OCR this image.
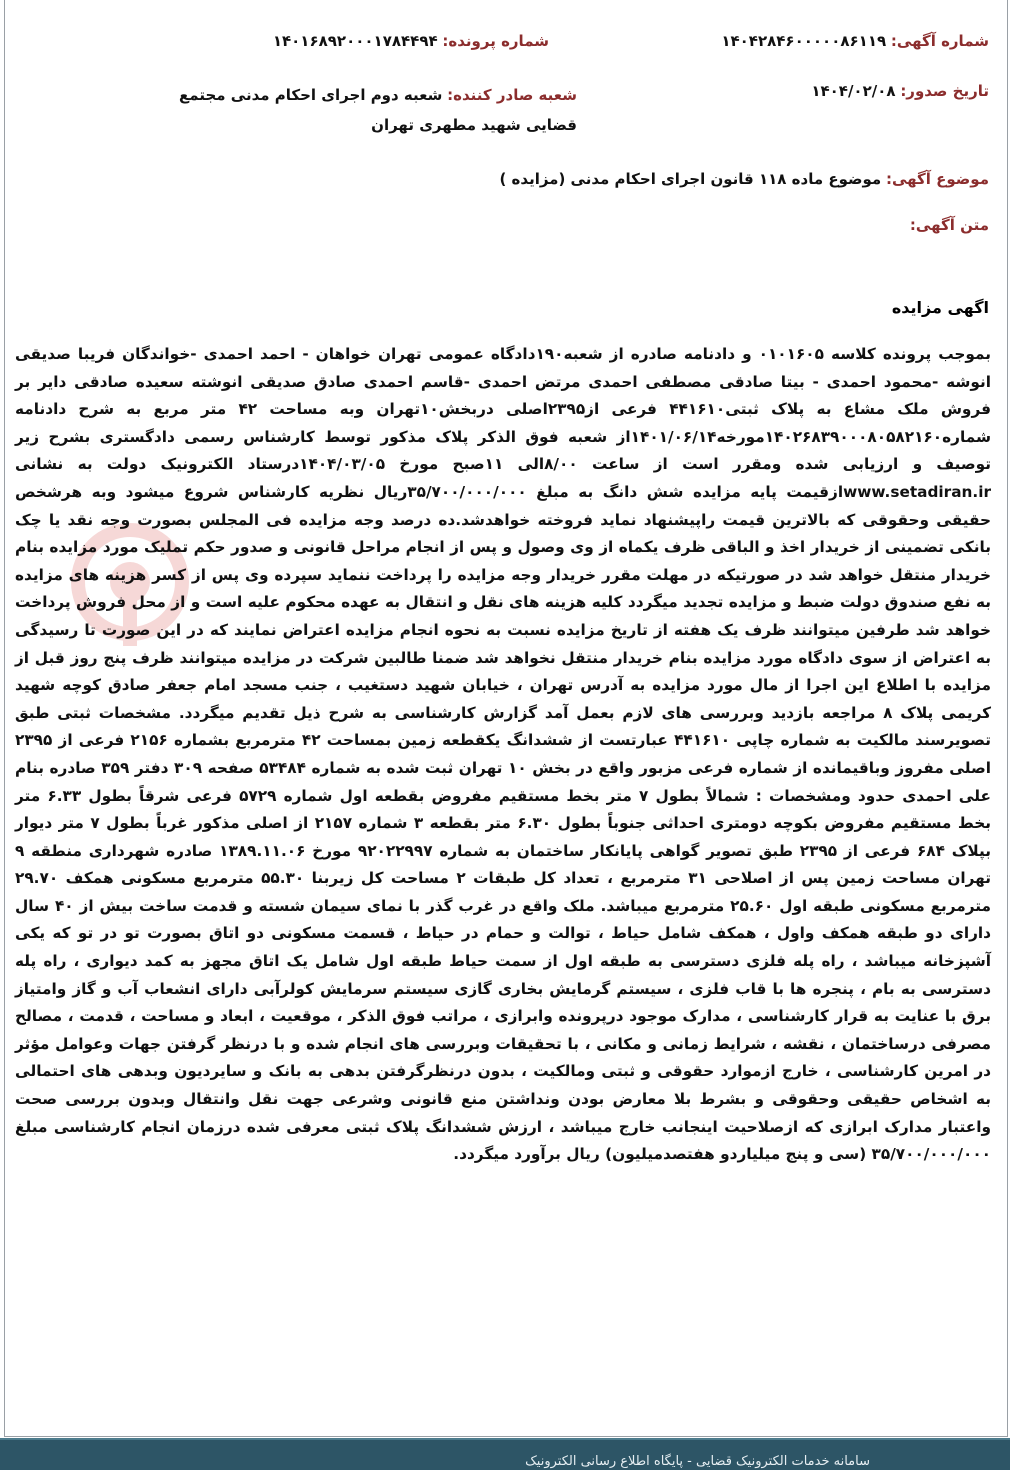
شماره آگهی: ۱۴۰۴۲۸۴۶۰۰۰۰۰۸۶۱۱۹
شماره پرونده: ۱۴۰۱۶۸۹۲۰۰۰۱۷۸۴۴۹۴
تاریخ صدور: ۱۴۰۴/۰۲/۰۸
شعبه صادر کننده: شعبه دوم اجرای احکام مدنی مجتمع قضایی شهید مطهری تهران
موضوع آگهی: موضوع ماده ۱۱۸ قانون اجرای احکام مدنی (مزایده )
متن آگهی:
اگهی مزایده
بموجب پرونده کلاسه ۰۱۰۱۶۰۵ و دادنامه صادره از شعبه۱۹۰دادگاه عمومی تهران خواهان - احمد احمدی -خواندگان فریبا صدیقی انوشه -محمود احمدی - بیتا صادقی مصطفی احمدی مرتض احمدی -قاسم احمدی صادق صدیقی انوشته سعیده صادقی دایر بر فروش ملک مشاع به پلاک ثبتی۴۴۱۶۱۰ فرعی از۲۳۹۵اصلی دربخش۱۰تهران وبه مساحت ۴۲ متر مربع به شرح دادنامه شماره۱۴۰۲۶۸۳۹۰۰۰۸۰۵۸۲۱۶۰مورخه۱۴۰۱/۰۶/۱۴از شعبه فوق الذکر پلاک مذکور توسط کارشناس رسمی دادگستری بشرح زیر توصیف و ارزیابی شده ومقرر است از ساعت ۸/۰۰الی ۱۱صبح مورخ ۱۴۰۴/۰۳/۰۵درستاد الکترونیک دولت به نشانی www.setadiran.irازقیمت پایه مزایده شش دانگ به مبلغ ۳۵/۷۰۰/۰۰۰/۰۰۰ریال نظریه کارشناس شروع میشود وبه هرشخص حقیقی وحقوقی که بالاترین قیمت راپیشنهاد نماید فروخته خواهدشد.ده درصد وجه مزایده فی المجلس بصورت وجه نقد یا چک بانکی تضمینی از خریدار اخذ و الباقی ظرف یکماه از وی وصول و پس از انجام مراحل قانونی و صدور حکم تملیک مورد مزایده بنام خریدار منتقل خواهد شد در صورتیکه در مهلت مقرر خریدار وجه مزایده را پرداخت ننماید سپرده وی پس از کسر هزینه های مزایده به نفع صندوق دولت ضبط و مزایده تجدید میگردد کلیه هزینه های نقل و انتقال به عهده محکوم علیه است و از محل فروش پرداخت خواهد شد طرفین میتوانند ظرف یک هفته از تاریخ مزایده نسبت به نحوه انجام مزایده اعتراض نمایند که در این صورت تا رسیدگی به اعتراض از سوی دادگاه مورد مزایده بنام خریدار منتقل نخواهد شد ضمنا طالبین شرکت در مزایده میتوانند ظرف پنج روز قبل از مزایده با اطلاع این اجرا از مال مورد مزایده به آدرس تهران ، خیابان شهید دستغیب ، جنب مسجد امام جعفر صادق کوچه شهید کریمی پلاک ۸ مراجعه بازدید وبررسی های لازم بعمل آمد گزارش کارشناسی به شرح ذیل تقدیم میگردد. مشخصات ثبتی طبق تصویرسند مالکیت به شماره چاپی ۴۴۱۶۱۰ عبارتست از ششدانگ یکقطعه زمین بمساحت ۴۲ مترمربع بشماره ۲۱۵۶ فرعی از ۲۳۹۵ اصلی مفروز وباقیمانده از شماره فرعی مزبور واقع در بخش ۱۰ تهران ثبت شده به شماره ۵۳۴۸۴ صفحه ۳۰۹ دفتر ۳۵۹ صادره بنام علی احمدی حدود ومشخصات : شمالاً بطول ۷ متر بخط مستقیم مفروض بقطعه اول شماره ۵۷۲۹ فرعی شرقاً بطول ۶.۳۳ متر بخط مستقیم مفروض بکوچه دومتری احداثی جنوباً بطول ۶.۳۰ متر بقطعه ۳ شماره ۲۱۵۷ از اصلی مذکور غرباً بطول ۷ متر دیوار بپلاک ۶۸۴ فرعی از ۲۳۹۵ طبق تصویر گواهی پایانکار ساختمان به شماره ۹۲۰۲۲۹۹۷ مورخ ۱۳۸۹.۱۱.۰۶ صادره شهرداری منطقه ۹ تهران مساحت زمین پس از اصلاحی ۳۱ مترمربع ، تعداد کل طبقات ۲ مساحت کل زیربنا ۵۵.۳۰ مترمربع مسکونی همکف ۲۹.۷۰ مترمربع مسکونی طبقه اول ۲۵.۶۰ مترمربع میباشد. ملک واقع در غرب گذر با نمای سیمان شسته و قدمت ساخت بیش از ۴۰ سال دارای دو طبقه همکف واول ، همکف شامل حیاط ، توالت و حمام در حیاط ، قسمت مسکونی دو اتاق بصورت تو در تو که یکی آشپزخانه میباشد ، راه پله فلزی دسترسی به طبقه اول از سمت حیاط طبقه اول شامل یک اتاق مجهز به کمد دیواری ، راه پله دسترسی به بام ، پنجره ها با قاب فلزی ، سیستم گرمایش بخاری گازی سیستم سرمایش کولرآبی دارای انشعاب آب و گاز وامتیاز برق با عنایت به قرار کارشناسی ، مدارک موجود درپرونده وابرازی ، مراتب فوق الذکر ، موقعیت ، ابعاد و مساحت ، قدمت ، مصالح مصرفی درساختمان ، نقشه ، شرایط زمانی و مکانی ، با تحقیقات وبررسی های انجام شده و با درنظر گرفتن جهات وعوامل مؤثر در امرین کارشناسی ، خارج ازموارد حقوقی و ثبتی ومالکیت ، بدون درنظرگرفتن بدهی به بانک و سایردیون وبدهی های احتمالی به اشخاص حقیقی وحقوقی و بشرط بلا معارض بودن ونداشتن منع قانونی وشرعی جهت نقل وانتقال وبدون بررسی صحت واعتبار مدارک ابرازی که ازصلاحیت اینجانب خارج میباشد ، ارزش ششدانگ پلاک ثبتی معرفی شده درزمان انجام کارشناسی مبلغ ۳۵/۷۰۰/۰۰۰/۰۰۰ (سی و پنج میلیاردو هفتصدمیلیون) ریال برآورد میگردد.
سامانه خدمات الکترونیک قضایی - پایگاه اطلاع رسانی الکترونیک
